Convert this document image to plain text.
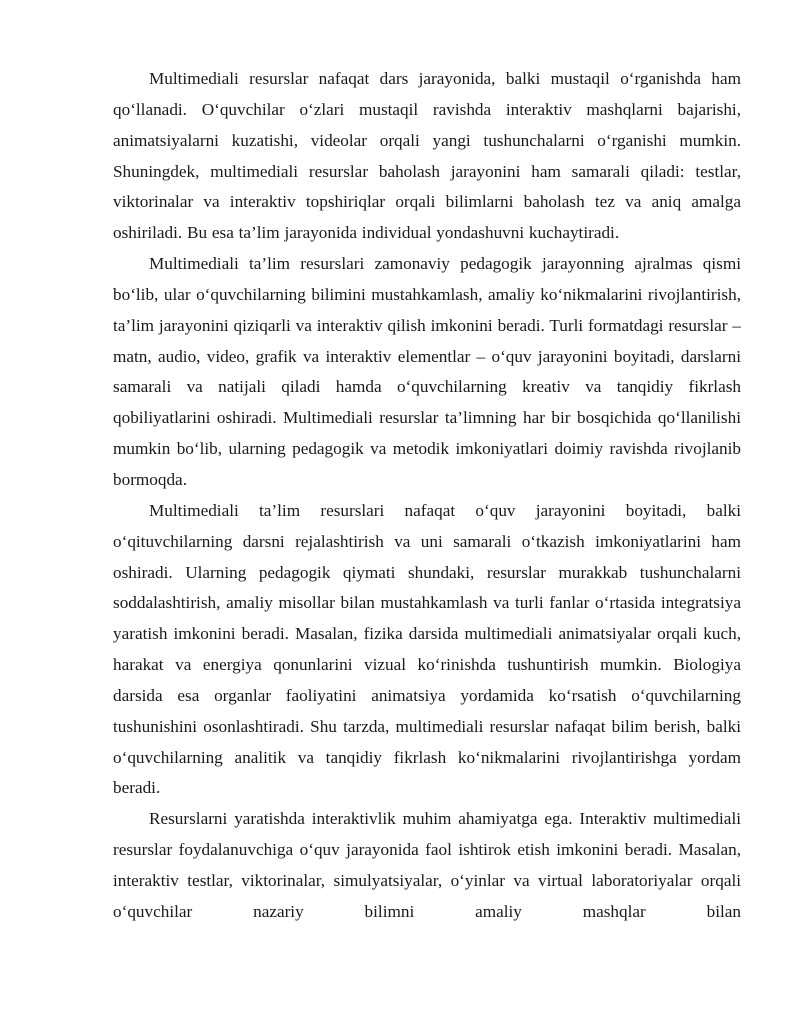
Multimediali resurslar nafaqat dars jarayonida, balki mustaqil o‘rganishda ham qo‘llanadi. O‘quvchilar o‘zlari mustaqil ravishda interaktiv mashqlarni bajarishi, animatsiyalarni kuzatishi, videolar orqali yangi tushunchalarni o‘rganishi mumkin. Shuningdek, multimediali resurslar baholash jarayonini ham samarali qiladi: testlar, viktorinalar va interaktiv topshiriqlar orqali bilimlarni baholash tez va aniq amalga oshiriladi. Bu esa ta’lim jarayonida individual yondashuvni kuchaytiradi.

Multimediali ta’lim resurslari zamonaviy pedagogik jarayonning ajralmas qismi bo‘lib, ular o‘quvchilarning bilimini mustahkamlash, amaliy ko‘nikmalarini rivojlantirish, ta’lim jarayonini qiziqarli va interaktiv qilish imkonini beradi. Turli formatdagi resurslar – matn, audio, video, grafik va interaktiv elementlar – o‘quv jarayonini boyitadi, darslarni samarali va natijali qiladi hamda o‘quvchilarning kreativ va tanqidiy fikrlash qobiliyatlarini oshiradi. Multimediali resurslar ta’limning har bir bosqichida qo‘llanilishi mumkin bo‘lib, ularning pedagogik va metodik imkoniyatlari doimiy ravishda rivojlanib bormoqda.

Multimediali ta’lim resurslari nafaqat o‘quv jarayonini boyitadi, balki o‘qituvchilarning darsni rejalashtirish va uni samarali o‘tkazish imkoniyatlarini ham oshiradi. Ularning pedagogik qiymati shundaki, resurslar murakkab tushunchalarni soddalashtirish, amaliy misollar bilan mustahkamlash va turli fanlar o‘rtasida integratsiya yaratish imkonini beradi. Masalan, fizika darsida multimediali animatsiyalar orqali kuch, harakat va energiya qonunlarini vizual ko‘rinishda tushuntirish mumkin. Biologiya darsida esa organlar faoliyatini animatsiya yordamida ko‘rsatish o‘quvchilarning tushunishini osonlashtiradi. Shu tarzda, multimediali resurslar nafaqat bilim berish, balki o‘quvchilarning analitik va tanqidiy fikrlash ko‘nikmalarini rivojlantirishga yordam beradi.

Resurslarni yaratishda interaktivlik muhim ahamiyatga ega. Interaktiv multimediali resurslar foydalanuvchiga o‘quv jarayonida faol ishtirok etish imkonini beradi. Masalan, interaktiv testlar, viktorinalar, simulyatsiyalar, o‘yinlar va virtual laboratoriyalar orqali o‘quvchilar nazariy bilimni amaliy mashqlar bilan
